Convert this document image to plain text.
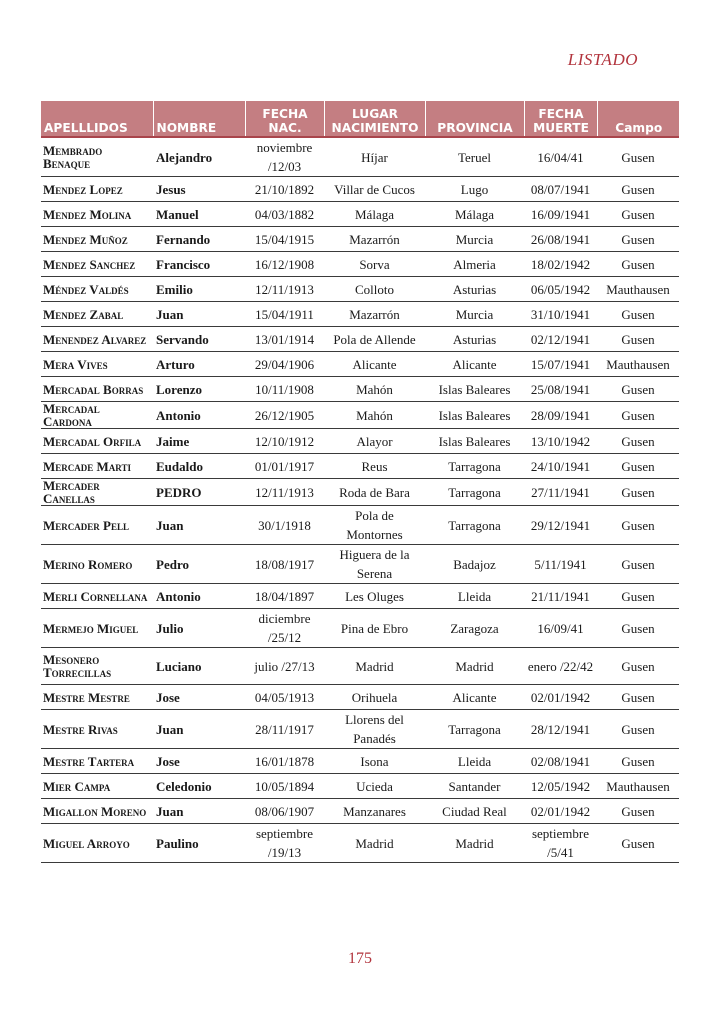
LISTADO
APELLLIDOS	NOMBRE	FECHA NAC.	LUGAR NACIMIENTO	PROVINCIA	FECHA MUERTE	Campo
Membrado Benaque	Alejandro	noviembre /12/03	Híjar	Teruel	16/04/41	Gusen
Mendez Lopez	Jesus	21/10/1892	Villar de Cucos	Lugo	08/07/1941	Gusen
Mendez Molina	Manuel	04/03/1882	Málaga	Málaga	16/09/1941	Gusen
Mendez Muñoz	Fernando	15/04/1915	Mazarrón	Murcia	26/08/1941	Gusen
Mendez Sanchez	Francisco	16/12/1908	Sorva	Almeria	18/02/1942	Gusen
Méndez Valdés	Emilio	12/11/1913	Colloto	Asturias	06/05/1942	Mauthausen
Mendez Zabal	Juan	15/04/1911	Mazarrón	Murcia	31/10/1941	Gusen
Menendez Alvarez	Servando	13/01/1914	Pola de Allende	Asturias	02/12/1941	Gusen
Mera Vives	Arturo	29/04/1906	Alicante	Alicante	15/07/1941	Mauthausen
Mercadal Borras	Lorenzo	10/11/1908	Mahón	Islas Baleares	25/08/1941	Gusen
Mercadal Cardona	Antonio	26/12/1905	Mahón	Islas Baleares	28/09/1941	Gusen
Mercadal Orfila	Jaime	12/10/1912	Alayor	Islas Baleares	13/10/1942	Gusen
Mercade Marti	Eudaldo	01/01/1917	Reus	Tarragona	24/10/1941	Gusen
Mercader Canellas	PEDRO	12/11/1913	Roda de Bara	Tarragona	27/11/1941	Gusen
Mercader Pell	Juan	30/1/1918	Pola de Montornes	Tarragona	29/12/1941	Gusen
Merino Romero	Pedro	18/08/1917	Higuera de la Serena	Badajoz	5/11/1941	Gusen
Merli Cornellana	Antonio	18/04/1897	Les Oluges	Lleida	21/11/1941	Gusen
Mermejo Miguel	Julio	diciembre /25/12	Pina de Ebro	Zaragoza	16/09/41	Gusen
Mesonero Torrecillas	Luciano	julio /27/13	Madrid	Madrid	enero /22/42	Gusen
Mestre Mestre	Jose	04/05/1913	Orihuela	Alicante	02/01/1942	Gusen
Mestre Rivas	Juan	28/11/1917	Llorens del Panadés	Tarragona	28/12/1941	Gusen
Mestre Tartera	Jose	16/01/1878	Isona	Lleida	02/08/1941	Gusen
Mier Campa	Celedonio	10/05/1894	Ucieda	Santander	12/05/1942	Mauthausen
Migallon Moreno	Juan	08/06/1907	Manzanares	Ciudad Real	02/01/1942	Gusen
Miguel Arroyo	Paulino	septiembre /19/13	Madrid	Madrid	septiembre /5/41	Gusen
175
